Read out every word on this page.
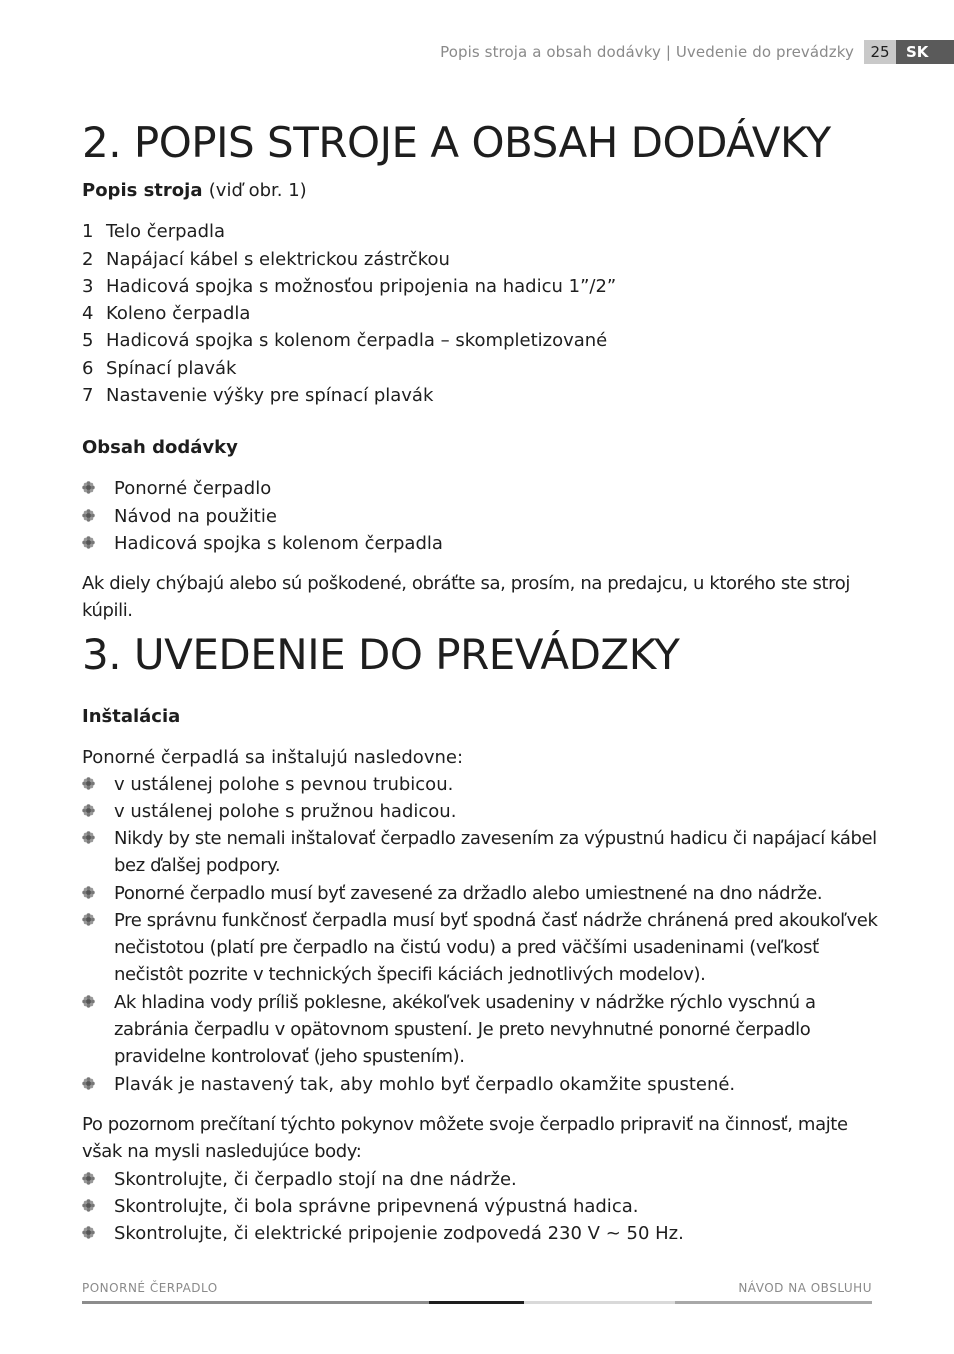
Popis stroja a obsah dodávky | Uvedenie do prevádzky	25	SK
2. POPIS STROJE A OBSAH DODÁVKY

Popis stroja (viď obr. 1)

1 Telo čerpadla
2 Napájací kábel s elektrickou zástrčkou
3 Hadicová spojka s možnosťou pripojenia na hadicu 1”/2”
4 Koleno čerpadla
5 Hadicová spojka s kolenom čerpadla – skompletizované
6 Spínací plavák
7 Nastavenie výšky pre spínací plavák

Obsah dodávky

Ponorné čerpadlo
Návod na použitie
Hadicová spojka s kolenom čerpadla
Ak diely chýbajú alebo sú poškodené, obráťte sa, prosím, na predajcu, u ktorého ste stroj kúpili.
3. UVEDENIE DO PREVÁDZKY

Inštalácia

Ponorné čerpadlá sa inštalujú nasledovne:
v ustálenej polohe s pevnou trubicou.
v ustálenej polohe s pružnou hadicou.
Nikdy by ste nemali inštalovať čerpadlo zavesením za výpustnú hadicu či napájací kábel bez ďalšej podpory.
Ponorné čerpadlo musí byť zavesené za držadlo alebo umiestnené na dno nádrže.
Pre správnu funkčnosť čerpadla musí byť spodná časť nádrže chránená pred akoukoľvek nečistotou (platí pre čerpadlo na čistú vodu) a pred väčšími usadeninami (veľkosť nečistôt pozrite v technických špecifi káciách jednotlivých modelov).
Ak hladina vody príliš poklesne, akékoľvek usadeniny v nádržke rýchlo vyschnú a zabránia čerpadlu v opätovnom spustení. Je preto nevyhnutné ponorné čerpadlo pravidelne kontrolovať (jeho spustením).
Plavák je nastavený tak, aby mohlo byť čerpadlo okamžite spustené.
Po pozornom prečítaní týchto pokynov môžete svoje čerpadlo pripraviť na činnosť, majte však na mysli nasledujúce body:
Skontrolujte, či čerpadlo stojí na dne nádrže.
Skontrolujte, či bola správne pripevnená výpustná hadica.
Skontrolujte, či elektrické pripojenie zodpovedá 230 V ~ 50 Hz.
PONORNÉ ČERPADLO	NÁVOD NA OBSLUHU
